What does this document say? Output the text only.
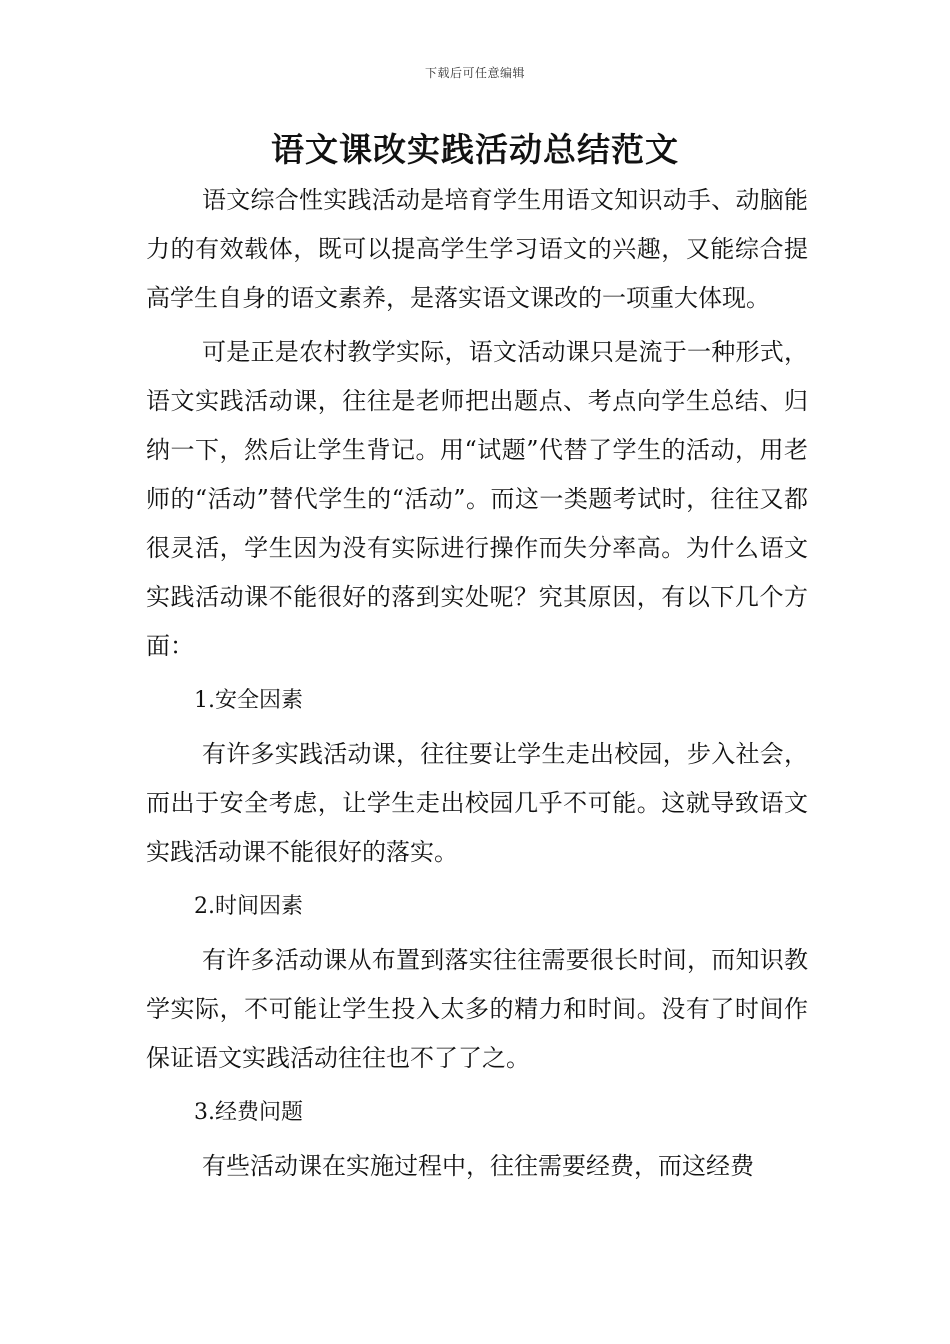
下载后可任意编辑
语文课改实践活动总结范文

语文综合性实践活动是培育学生用语文知识动手、动脑能力的有效载体，既可以提高学生学习语文的兴趣，又能综合提高学生自身的语文素养，是落实语文课改的一项重大体现。

可是正是农村教学实际，语文活动课只是流于一种形式，语文实践活动课，往往是老师把出题点、考点向学生总结、归纳一下，然后让学生背记。用“试题”代替了学生的活动，用老师的“活动”替代学生的“活动”。而这一类题考试时，往往又都很灵活，学生因为没有实际进行操作而失分率高。为什么语文实践活动课不能很好的落到实处呢？究其原因，有以下几个方面：

1.安全因素

有许多实践活动课，往往要让学生走出校园，步入社会，而出于安全考虑，让学生走出校园几乎不可能。这就导致语文实践活动课不能很好的落实。

2.时间因素

有许多活动课从布置到落实往往需要很长时间，而知识教学实际，不可能让学生投入太多的精力和时间。没有了时间作保证语文实践活动往往也不了了之。

3.经费问题

有些活动课在实施过程中，往往需要经费，而这经费
